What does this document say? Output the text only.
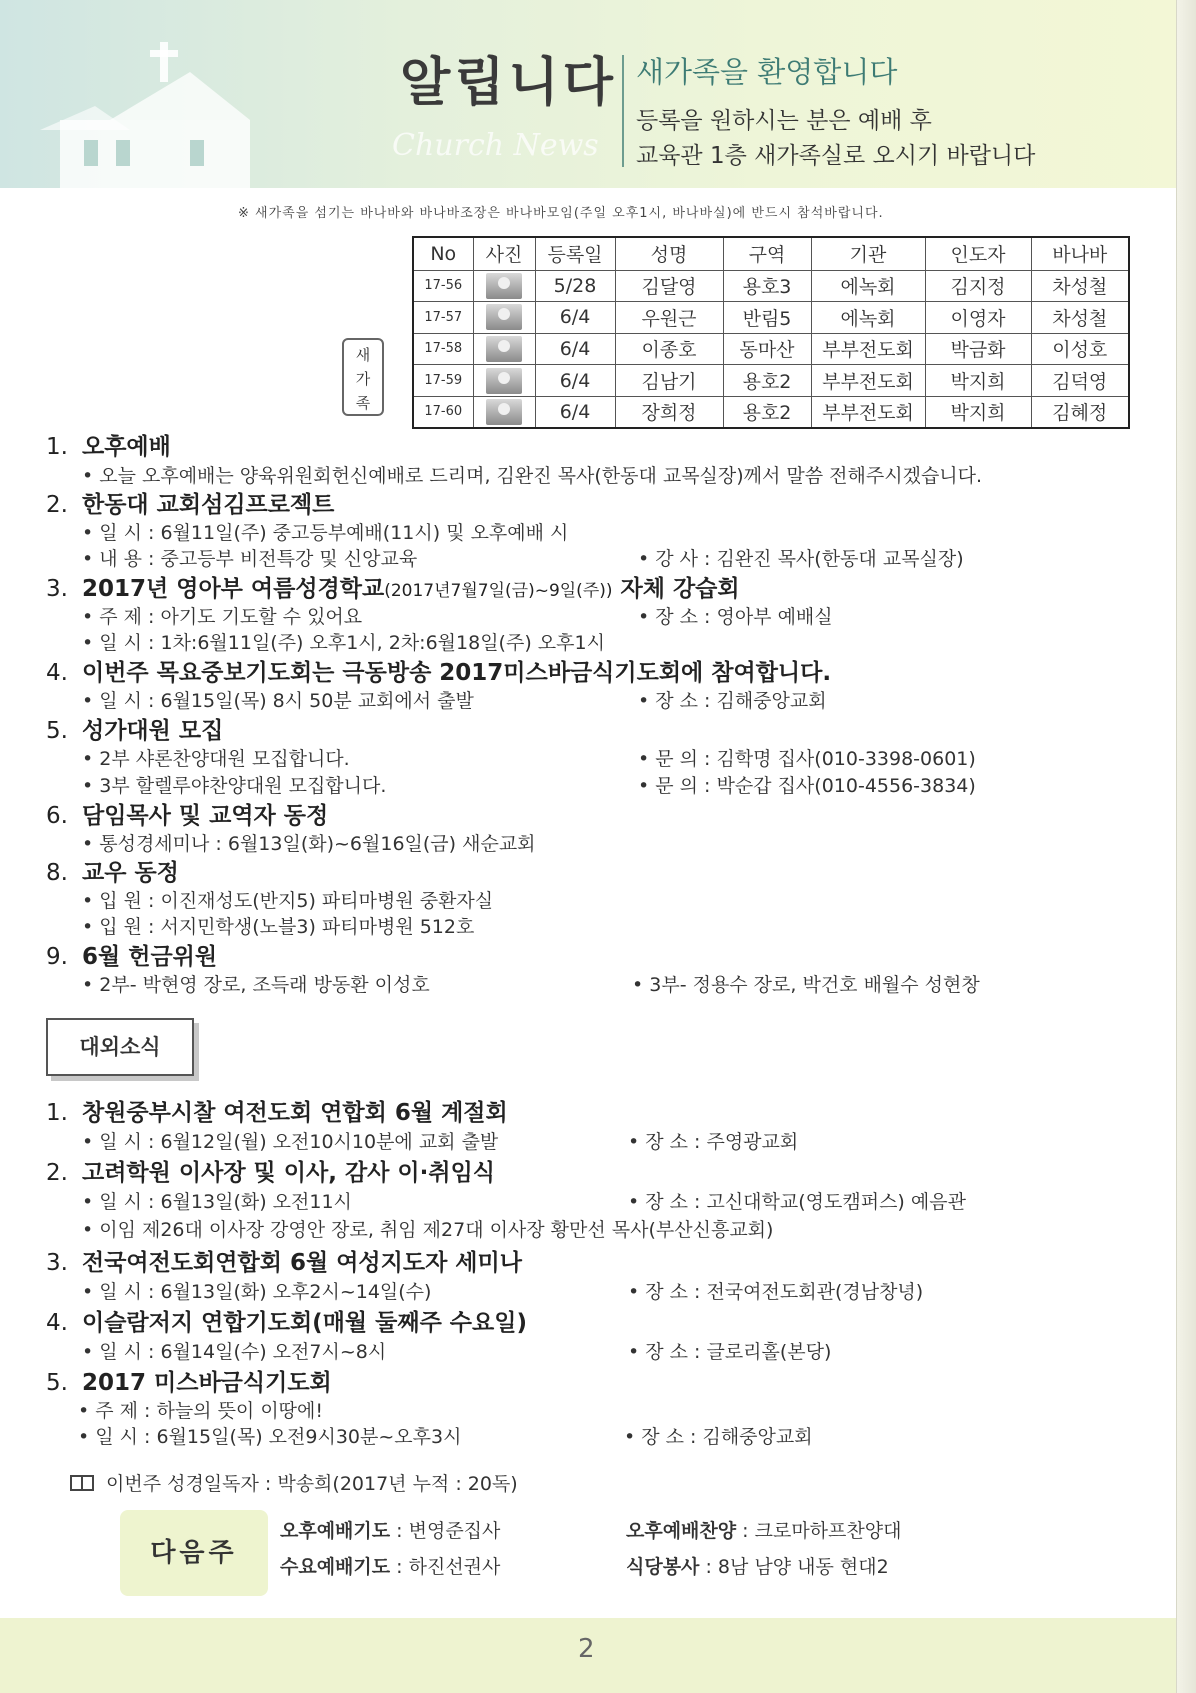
알립니다
Church News
새가족을 환영합니다
등록을 원하시는 분은 예배 후
교육관 1층 새가족실로 오시기 바랍니다
※ 새가족을 섬기는 바나바와 바나바조장은 바나바모임(주일 오후1시, 바나바실)에 반드시 참석바랍니다.
새
가
족
No	사진	등록일	성명	구역	기관	인도자	바나바
17-56		5/28	김달영	용호3	에녹회	김지정	차성철
17-57		6/4	우원근	반림5	에녹회	이영자	차성철
17-58		6/4	이종호	동마산	부부전도회	박금화	이성호
17-59		6/4	김남기	용호2	부부전도회	박지희	김덕영
17-60		6/4	장희정	용호2	부부전도회	박지희	김혜정
1. 오후예배
• 오늘 오후예배는 양육위원회헌신예배로 드리며, 김완진 목사(한동대 교목실장)께서 말씀 전해주시겠습니다.
2. 한동대 교회섬김프로젝트
• 일 시 : 6월11일(주) 중고등부예배(11시) 및 오후예배 시
• 내 용 : 중고등부 비전특강 및 신앙교육	• 강 사 : 김완진 목사(한동대 교목실장)
3. 2017년 영아부 여름성경학교(2017년7월7일(금)~9일(주)) 자체 강습회
• 주 제 : 아기도 기도할 수 있어요	• 장 소 : 영아부 예배실
• 일 시 : 1차:6월11일(주) 오후1시, 2차:6월18일(주) 오후1시
4. 이번주 목요중보기도회는 극동방송 2017미스바금식기도회에 참여합니다.
• 일 시 : 6월15일(목) 8시 50분 교회에서 출발	• 장 소 : 김해중앙교회
5. 성가대원 모집
• 2부 샤론찬양대원 모집합니다.	• 문 의 : 김학명 집사(010-3398-0601)
• 3부 할렐루야찬양대원 모집합니다.	• 문 의 : 박순갑 집사(010-4556-3834)
6. 담임목사 및 교역자 동정
• 통성경세미나 : 6월13일(화)~6월16일(금) 새순교회
8. 교우 동정
• 입 원 : 이진재성도(반지5) 파티마병원 중환자실
• 입 원 : 서지민학생(노블3) 파티마병원 512호
9. 6월 헌금위원
• 2부- 박현영 장로, 조득래 방동환 이성호	• 3부- 정용수 장로, 박건호 배월수 성현창
대외소식
1. 창원중부시찰 여전도회 연합회 6월 계절회
• 일 시 : 6월12일(월) 오전10시10분에 교회 출발	• 장 소 : 주영광교회
2. 고려학원 이사장 및 이사, 감사 이·취임식
• 일 시 : 6월13일(화) 오전11시	• 장 소 : 고신대학교(영도캠퍼스) 예음관
• 이임 제26대 이사장 강영안 장로, 취임 제27대 이사장 황만선 목사(부산신흥교회)
3. 전국여전도회연합회 6월 여성지도자 세미나
• 일 시 : 6월13일(화) 오후2시~14일(수)	• 장 소 : 전국여전도회관(경남창녕)
4. 이슬람저지 연합기도회(매월 둘째주 수요일)
• 일 시 : 6월14일(수) 오전7시~8시	• 장 소 : 글로리홀(본당)
5. 2017 미스바금식기도회
• 주 제 : 하늘의 뜻이 이땅에!
• 일 시 : 6월15일(목) 오전9시30분~오후3시	• 장 소 : 김해중앙교회
이번주 성경일독자 : 박송희(2017년 누적 : 20독)
다음주
오후예배기도 : 변영준집사	오후예배찬양 : 크로마하프찬양대
수요예배기도 : 하진선권사	식당봉사 : 8남 남양 내동 현대2
2
